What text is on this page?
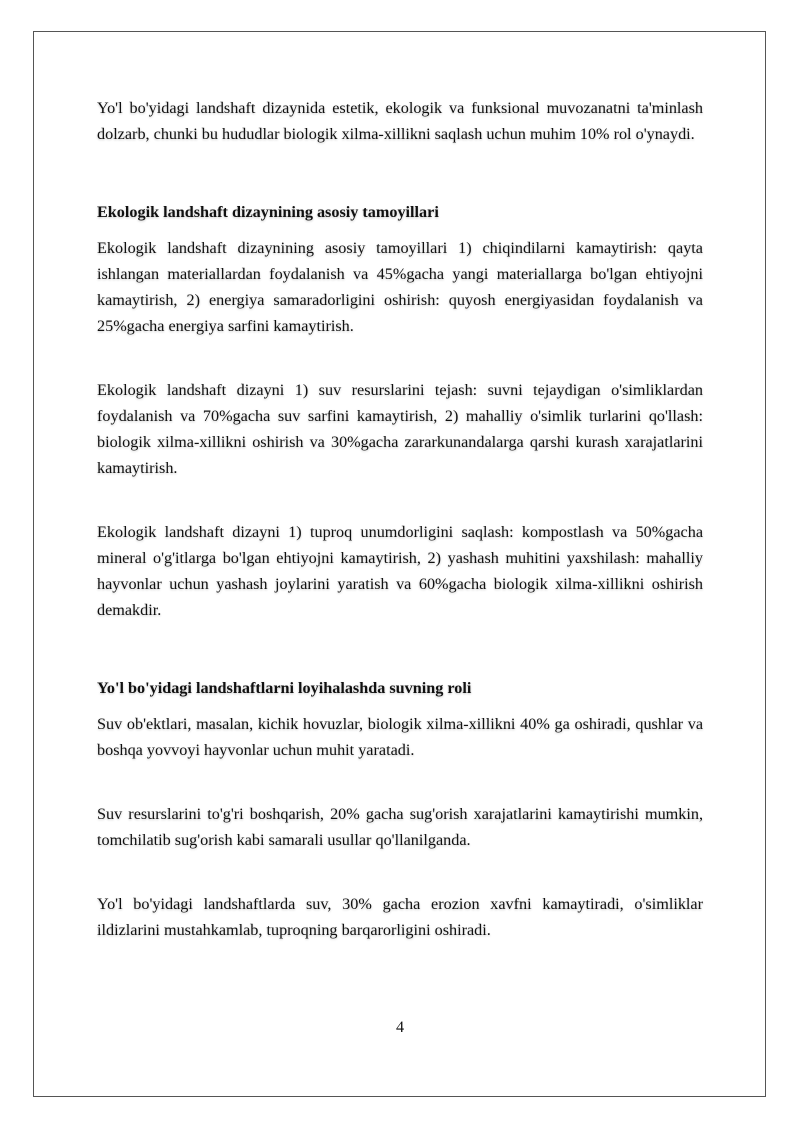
Yo'l bo'yidagi landshaft dizaynida estetik, ekologik va funksional muvozanatni ta'minlash dolzarb, chunki bu hududlar biologik xilma-xillikni saqlash uchun muhim 10% rol o'ynaydi.

Ekologik landshaft dizaynining asosiy tamoyillari

Ekologik landshaft dizaynining asosiy tamoyillari 1) chiqindilarni kamaytirish: qayta ishlangan materiallardan foydalanish va 45%gacha yangi materiallarga bo'lgan ehtiyojni kamaytirish, 2) energiya samaradorligini oshirish: quyosh energiyasidan foydalanish va 25%gacha energiya sarfini kamaytirish.

Ekologik landshaft dizayni 1) suv resurslarini tejash: suvni tejaydigan o'simliklardan foydalanish va 70%gacha suv sarfini kamaytirish, 2) mahalliy o'simlik turlarini qo'llash: biologik xilma-xillikni oshirish va 30%gacha zararkunandalarga qarshi kurash xarajatlarini kamaytirish.

Ekologik landshaft dizayni 1) tuproq unumdorligini saqlash: kompostlash va 50%gacha mineral o'g'itlarga bo'lgan ehtiyojni kamaytirish, 2) yashash muhitini yaxshilash: mahalliy hayvonlar uchun yashash joylarini yaratish va 60%gacha biologik xilma-xillikni oshirish demakdir.

Yo'l bo'yidagi landshaftlarni loyihalashda suvning roli

Suv ob'ektlari, masalan, kichik hovuzlar, biologik xilma-xillikni 40% ga oshiradi, qushlar va boshqa yovvoyi hayvonlar uchun muhit yaratadi.

Suv resurslarini to'g'ri boshqarish, 20% gacha sug'orish xarajatlarini kamaytirishi mumkin, tomchilatib sug'orish kabi samarali usullar qo'llanilganda.

Yo'l bo'yidagi landshaftlarda suv, 30% gacha erozion xavfni kamaytiradi, o'simliklar ildizlarini mustahkamlab, tuproqning barqarorligini oshiradi.

4
